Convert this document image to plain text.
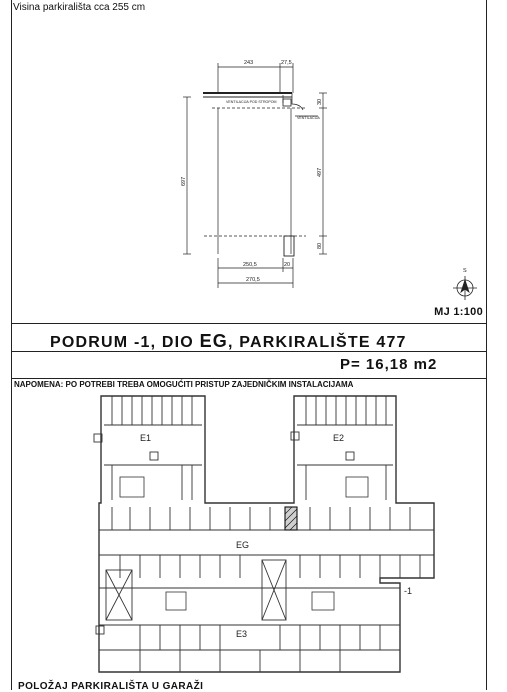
Visina parkirališta cca 255 cm
243	27,5
VENTILACIJA POD STROPOM
VENTILACIJA
697
30
497
80
250,5	20
270,5
S
E1	E2
EG
E3
-1
MJ 1:100
PODRUM -1, DIO EG, PARKIRALIŠTE 477
P= 16,18 m2
NAPOMENA: PO POTREBI TREBA OMOGUĆITI PRISTUP ZAJEDNIČKIM INSTALACIJAMA
POLOŽAJ PARKIRALIŠTA U GARAŽI
